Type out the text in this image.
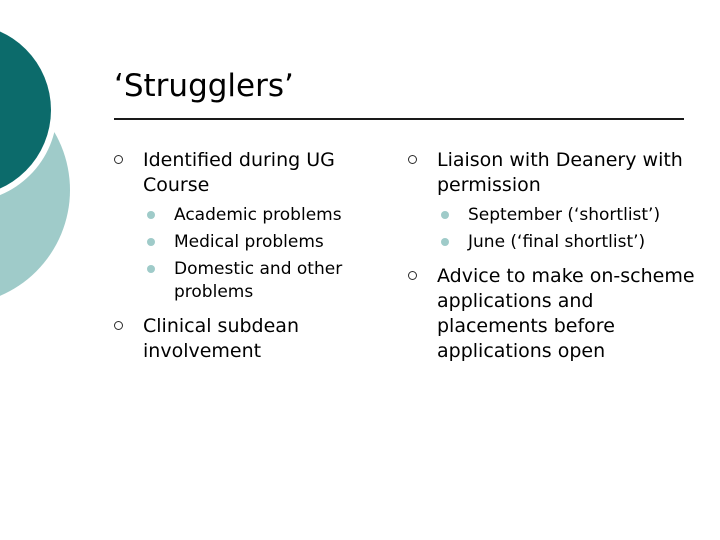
‘Strugglers’
Identified during UG Course
Academic problems
Medical problems
Domestic and other problems
Clinical subdean involvement
Liaison with Deanery with permission
September (‘shortlist’)
June (‘final shortlist’)
Advice to make on-scheme applications and placements before applications open
